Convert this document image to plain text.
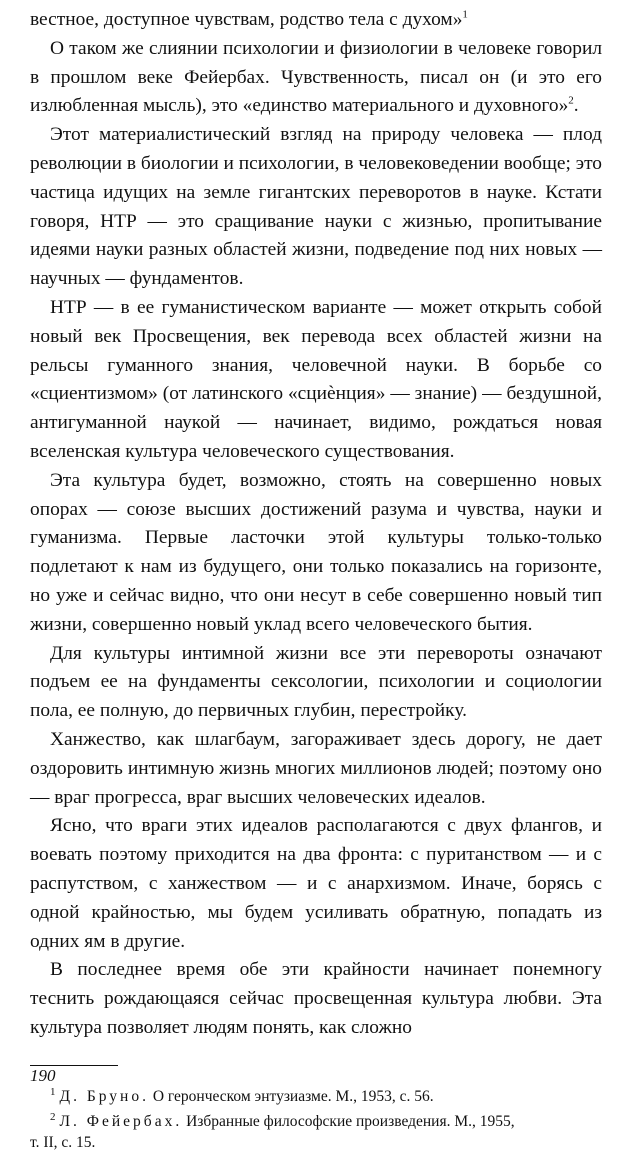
вестное, доступное чувствам, родство тела с духом»$^1$

О таком же слиянии психологии и физиологии в человеке говорил в прошлом веке Фейербах. Чувственность, писал он (и это его излюбленная мысль), это «единство материального и духовного»$^2$.

Этот материалистический взгляд на природу человека — плод революции в биологии и психологии, в человековедении вообще; это частица идущих на земле гигантских переворотов в науке. Кстати говоря, НТР — это сращивание науки с жизнью, пропитывание идеями науки разных областей жизни, подведение под них новых — научных — фундаментов.

НТР — в ее гуманистическом варианте — может открыть собой новый век Просвещения, век перевода всех областей жизни на рельсы гуманного знания, человечной науки. В борьбе со «сциентизмом» (от латинского «сциѐнция» — знание) — бездушной, антигуманной наукой — начинает, видимо, рождаться новая вселенская культура человеческого существования.

Эта культура будет, возможно, стоять на совершенно новых опорах — союзе высших достижений разума и чувства, науки и гуманизма. Первые ласточки этой культуры только-только подлетают к нам из будущего, они только показались на горизонте, но уже и сейчас видно, что они несут в себе совершенно новый тип жизни, совершенно новый уклад всего человеческого бытия.

Для культуры интимной жизни все эти перевороты означают подъем ее на фундаменты сексологии, психологии и социологии пола, ее полную, до первичных глубин, перестройку.

Ханжество, как шлагбаум, загораживает здесь дорогу, не дает оздоровить интимную жизнь многих миллионов людей; поэтому оно — враг прогресса, враг высших человеческих идеалов.

Ясно, что враги этих идеалов располагаются с двух флангов, и воевать поэтому приходится на два фронта: с пуританством — и с распутством, с ханжеством — и с анархизмом. Иначе, борясь с одной крайностью, мы будем усиливать обратную, попадать из одних ям в другие.

В последнее время обе эти крайности начинает понемногу теснить рождающаяся сейчас просвещенная культура любви. Эта культура позволяет людям понять, как сложно

$^1$ Д. Бруно. О геронческом энтузиазме. М., 1953, с. 56.

$^2$ Л. Фейербах. Избранные философские произведения. М., 1955,
т. II, с. 15.

190
